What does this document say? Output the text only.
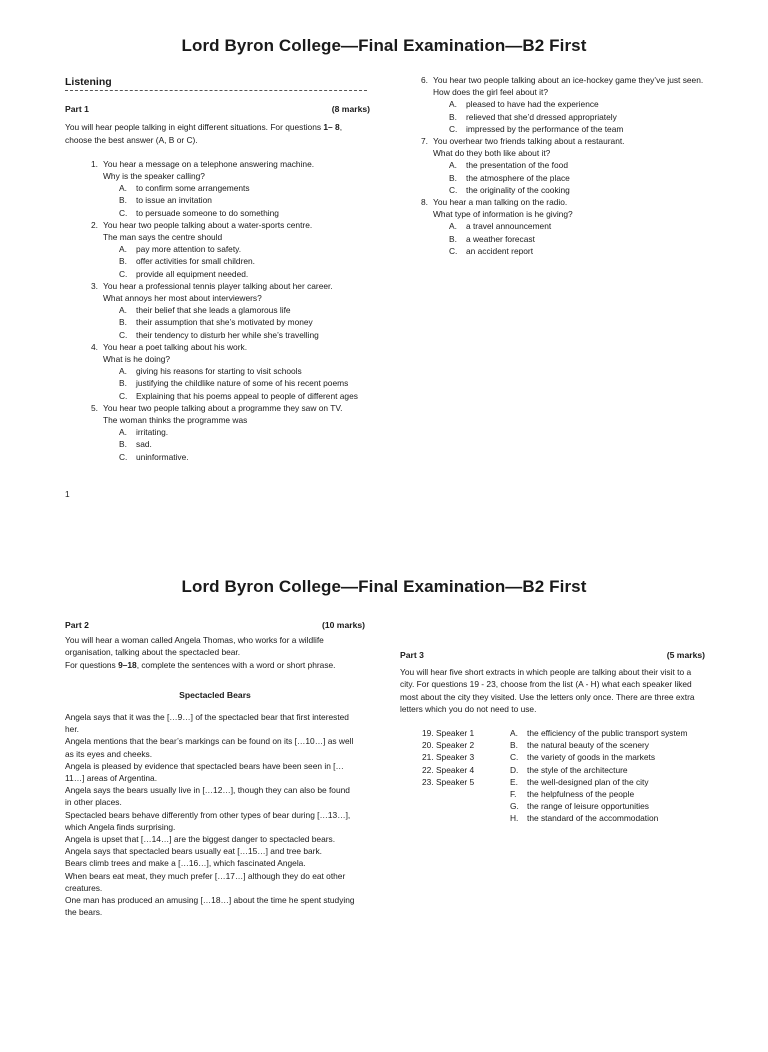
Lord Byron College—Final Examination—B2 First
Listening
Part 1	(8 marks)

You will hear people talking in eight different situations. For questions 1– 8, choose the best answer (A, B or C).

1. You hear a message on a telephone answering machine.
Why is the speaker calling?
A.	to confirm some arrangements
B.	to issue an invitation
C.	to persuade someone to do something
2. You hear two people talking about a water-sports centre.
The man says the centre should
A.	pay more attention to safety.
B.	offer activities for small children.
C.	provide all equipment needed.
3. You hear a professional tennis player talking about her career.
What annoys her most about interviewers?
A.	their belief that she leads a glamorous life
B.	their assumption that she’s motivated by money
C.	their tendency to disturb her while she’s travelling
4. You hear a poet talking about his work.
What is he doing?
A.	giving his reasons for starting to visit schools
B.	justifying the childlike nature of some of his recent poems
C.	Explaining that his poems appeal to people of different ages
5. You hear two people talking about a programme they saw on TV.
The woman thinks the programme was
A.	irritating.
B.	sad.
C.	uninformative.
6. You hear two people talking about an ice-hockey game they’ve just seen.
How does the girl feel about it?
A.	pleased to have had the experience
B.	relieved that she’d dressed appropriately
C.	impressed by the performance of the team
7. You overhear two friends talking about a restaurant.
What do they both like about it?
A.	the presentation of the food
B.	the atmosphere of the place
C.	the originality of the cooking
8. You hear a man talking on the radio.
What type of information is he giving?
A.	a travel announcement
B.	a weather forecast
C.	an accident report
1
Lord Byron College—Final Examination—B2 First
Part 2	(10 marks)

You will hear a woman called Angela Thomas, who works for a wildlife organisation, talking about the spectacled bear.

For questions 9–18, complete the sentences with a word or short phrase.

Spectacled Bears
Angela says that it was the […9…] of the spectacled bear that first interested her.
Angela mentions that the bear’s markings can be found on its […10…] as well as its eyes and cheeks.
Angela is pleased by evidence that spectacled bears have been seen in […11…] areas of Argentina.
Angela says the bears usually live in […12…], though they can also be found in other places.
Spectacled bears behave differently from other types of bear during […13…], which Angela finds surprising.
Angela is upset that […14…] are the biggest danger to spectacled bears.
Angela says that spectacled bears usually eat […15…] and tree bark.
Bears climb trees and make a […16…], which fascinated Angela.
When bears eat meat, they much prefer […17…] although they do eat other creatures.
One man has produced an amusing […18…] about the time he spent studying the bears.
Part 3	(5 marks)

You will hear five short extracts in which people are talking about their visit to a city. For questions 19 - 23, choose from the list (A - H) what each speaker liked most about the city they visited. Use the letters only once. There are three extra letters which you do not need to use.

19. Speaker 1
20. Speaker 2
21. Speaker 3
22. Speaker 4
23. Speaker 5
A.	the efficiency of the public transport system
B.	the natural beauty of the scenery
C.	the variety of goods in the markets
D.	the style of the architecture
E.	the well-designed plan of the city
F.	the helpfulness of the people
G. the range of leisure opportunities
H.	the standard of the accommodation
